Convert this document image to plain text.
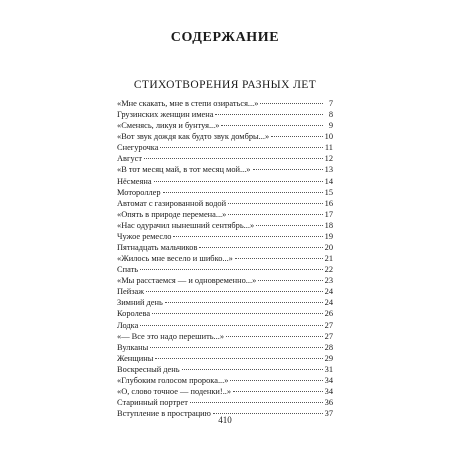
СОДЕРЖАНИЕ
СТИХОТВОРЕНИЯ РАЗНЫХ ЛЕТ
«Мне скакать, мне в степи озираться...»	7
Грузинских женщин имена	8
«Сменясь, ликуя и бунтуя...»	9
«Вот звук дождя как будто звук домбры...»	10
Снегурочка	11
Август	12
«В тот месяц май, в тот месяц мой...»	13
Нёсмеяна	14
Мотороллер	15
Автомат с газированной водой	16
«Опять в природе перемена...»	17
«Нас одурачил нынешний сентябрь...»	18
Чужое ремесло	19
Пятнадцать мальчиков	20
«Жилось мне весело и шибко...»	21
Спать	22
«Мы расстаемся — и одновременно...»	23
Пейзаж	24
Зимний день	24
Королева	26
Лодка	27
«— Все это надо перешить...»	27
Вулканы	28
Женщины	29
Воскресный день	31
«Глубоким голосом пророка...»	34
«О, слово точное — поденки!..»	34
Старинный портрет	36
Вступление в прострацию	37
410
